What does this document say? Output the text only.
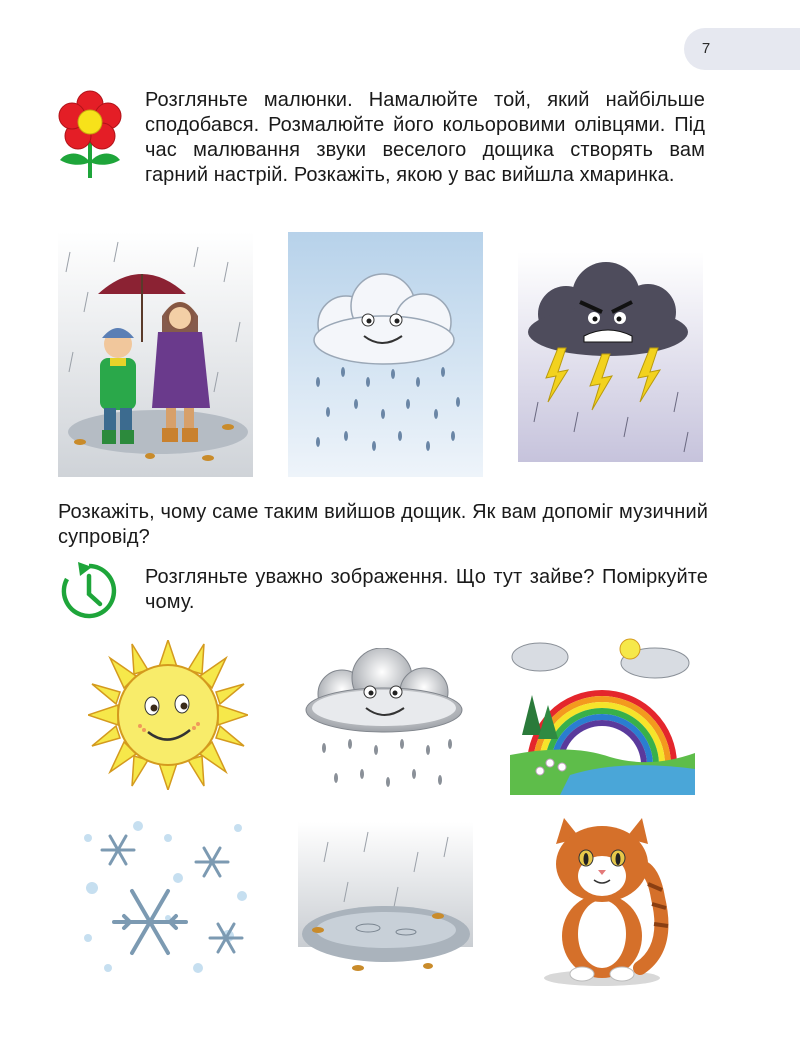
7

Розгляньте малюнки. Намалюйте той, який найбільше сподобався. Розмалюйте його кольоровими олівцями. Під час малювання звуки веселого дощика створять вам гарний настрій. Розкажіть, якою у вас вийшла хмаринка.

Розкажіть, чому саме таким вийшов дощик. Як вам допоміг музичний супровід?

Розгляньте уважно зображення. Що тут зайве? Поміркуйте чому.
